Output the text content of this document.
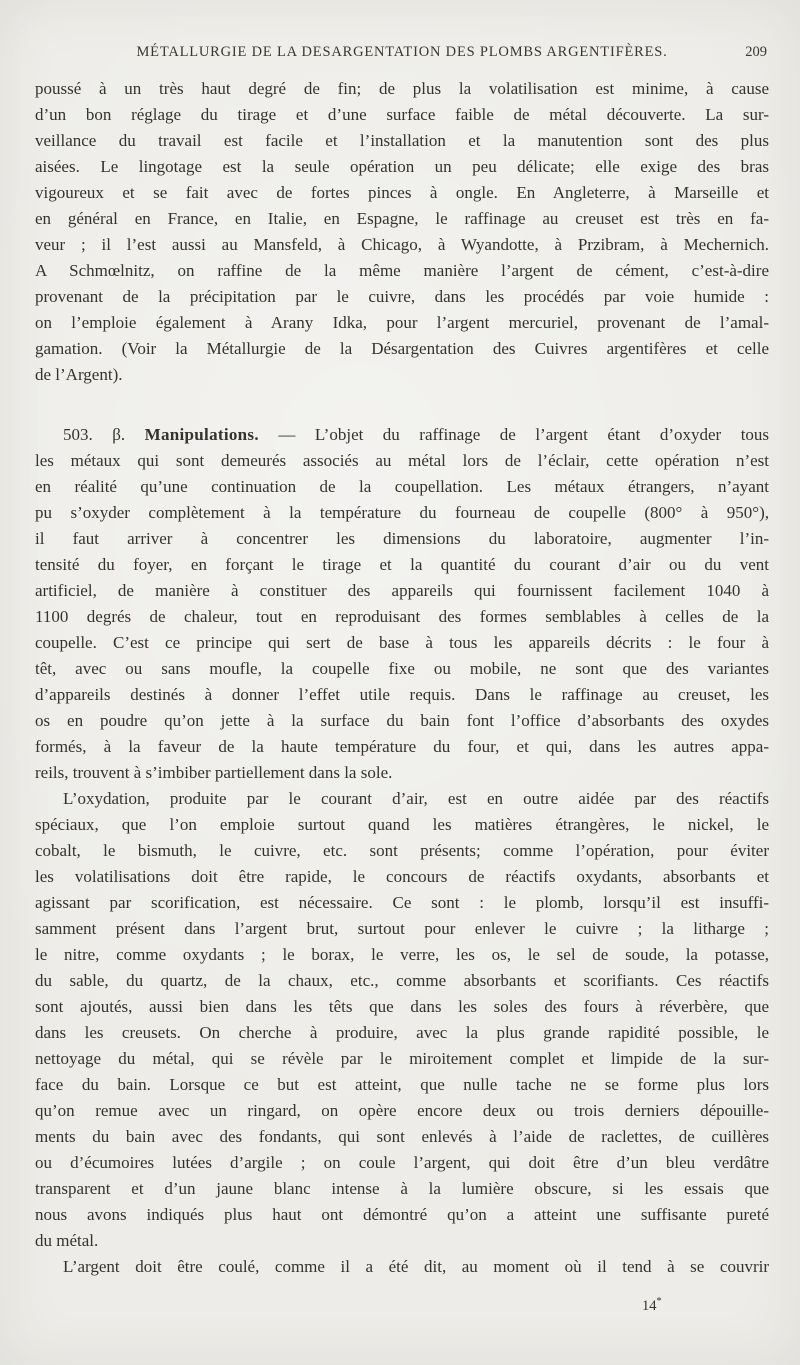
MÉTALLURGIE DE LA DESARGENTATION DES PLOMBS ARGENTIFÈRES.	209
poussé à un très haut degré de fin; de plus la volatilisation est minime, à cause
d’un bon réglage du tirage et d’une surface faible de métal découverte. La sur-
veillance du travail est facile et l’installation et la manutention sont des plus
aisées. Le lingotage est la seule opération un peu délicate; elle exige des bras
vigoureux et se fait avec de fortes pinces à ongle. En Angleterre, à Marseille et
en général en France, en Italie, en Espagne, le raffinage au creuset est très en fa-
veur ; il l’est aussi au Mansfeld, à Chicago, à Wyandotte, à Przibram, à Mechernich.
A Schmœlnitz, on raffine de la même manière l’argent de cément, c’est-à-dire
provenant de la précipitation par le cuivre, dans les procédés par voie humide :
on l’emploie également à Arany Idka, pour l’argent mercuriel, provenant de l’amal-
gamation. (Voir la Métallurgie de la Désargentation des Cuivres argentifères et celle
de l’Argent).
503. β. Manipulations. — L’objet du raffinage de l’argent étant d’oxyder tous
les métaux qui sont demeurés associés au métal lors de l’éclair, cette opération n’est
en réalité qu’une continuation de la coupellation. Les métaux étrangers, n’ayant
pu s’oxyder complètement à la température du fourneau de coupelle (800° à 950°),
il faut arriver à concentrer les dimensions du laboratoire, augmenter l’in-
tensité du foyer, en forçant le tirage et la quantité du courant d’air ou du vent
artificiel, de manière à constituer des appareils qui fournissent facilement 1040 à
1100 degrés de chaleur, tout en reproduisant des formes semblables à celles de la
coupelle. C’est ce principe qui sert de base à tous les appareils décrits : le four à
têt, avec ou sans moufle, la coupelle fixe ou mobile, ne sont que des variantes
d’appareils destinés à donner l’effet utile requis. Dans le raffinage au creuset, les
os en poudre qu’on jette à la surface du bain font l’office d’absorbants des oxydes
formés, à la faveur de la haute température du four, et qui, dans les autres appa-
reils, trouvent à s’imbiber partiellement dans la sole.
L’oxydation, produite par le courant d’air, est en outre aidée par des réactifs
spéciaux, que l’on emploie surtout quand les matières étrangères, le nickel, le
cobalt, le bismuth, le cuivre, etc. sont présents; comme l’opération, pour éviter
les volatilisations doit être rapide, le concours de réactifs oxydants, absorbants et
agissant par scorification, est nécessaire. Ce sont : le plomb, lorsqu’il est insuffi-
samment présent dans l’argent brut, surtout pour enlever le cuivre ; la litharge ;
le nitre, comme oxydants ; le borax, le verre, les os, le sel de soude, la potasse,
du sable, du quartz, de la chaux, etc., comme absorbants et scorifiants. Ces réactifs
sont ajoutés, aussi bien dans les têts que dans les soles des fours à réverbère, que
dans les creusets. On cherche à produire, avec la plus grande rapidité possible, le
nettoyage du métal, qui se révèle par le miroitement complet et limpide de la sur-
face du bain. Lorsque ce but est atteint, que nulle tache ne se forme plus lors
qu’on remue avec un ringard, on opère encore deux ou trois derniers dépouille-
ments du bain avec des fondants, qui sont enlevés à l’aide de raclettes, de cuillères
ou d’écumoires lutées d’argile ; on coule l’argent, qui doit être d’un bleu verdâtre
transparent et d’un jaune blanc intense à la lumière obscure, si les essais que
nous avons indiqués plus haut ont démontré qu’on a atteint une suffisante pureté
du métal.
L’argent doit être coulé, comme il a été dit, au moment où il tend à se couvrir
14*
